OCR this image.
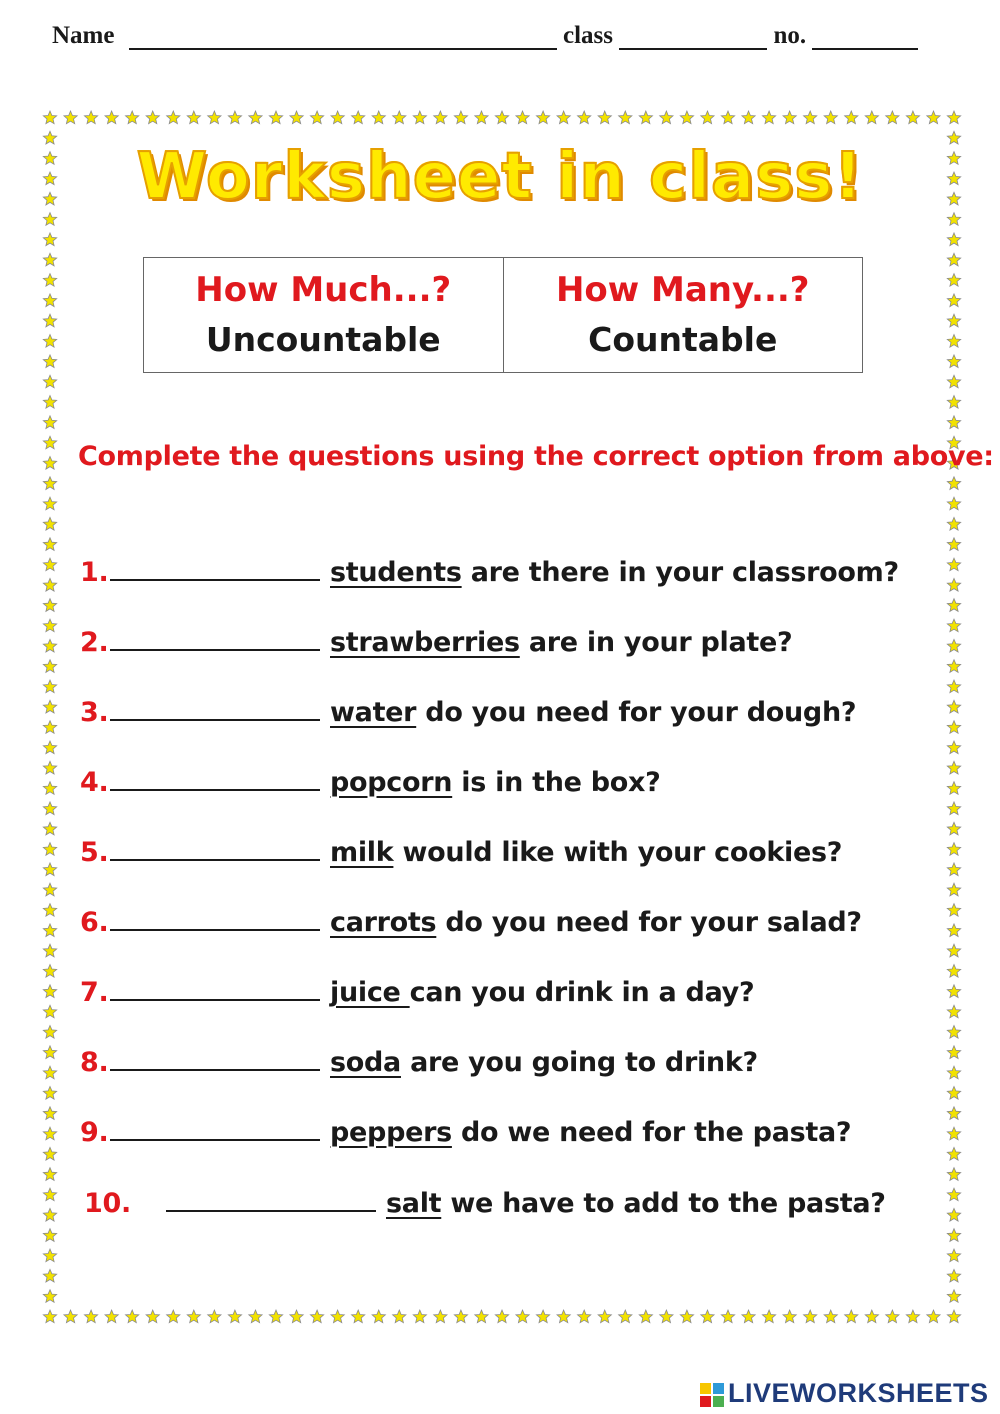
Name	class	no.
Worksheet in class!
How Much...?
Uncountable
How Many...?
Countable
Complete the questions using the correct option from above:
1.	students are there in your classroom?
2.	strawberries are in your plate?
3.	water do you need for your dough?
4.	popcorn is in the box?
5.	milk would like with your cookies?
6.	carrots do you need for your salad?
7.	juice can you drink in a day?
8.	soda are you going to drink?
9.	peppers do we need for the pasta?
10.	salt we have to add to the pasta?
LIVEWORKSHEETS
